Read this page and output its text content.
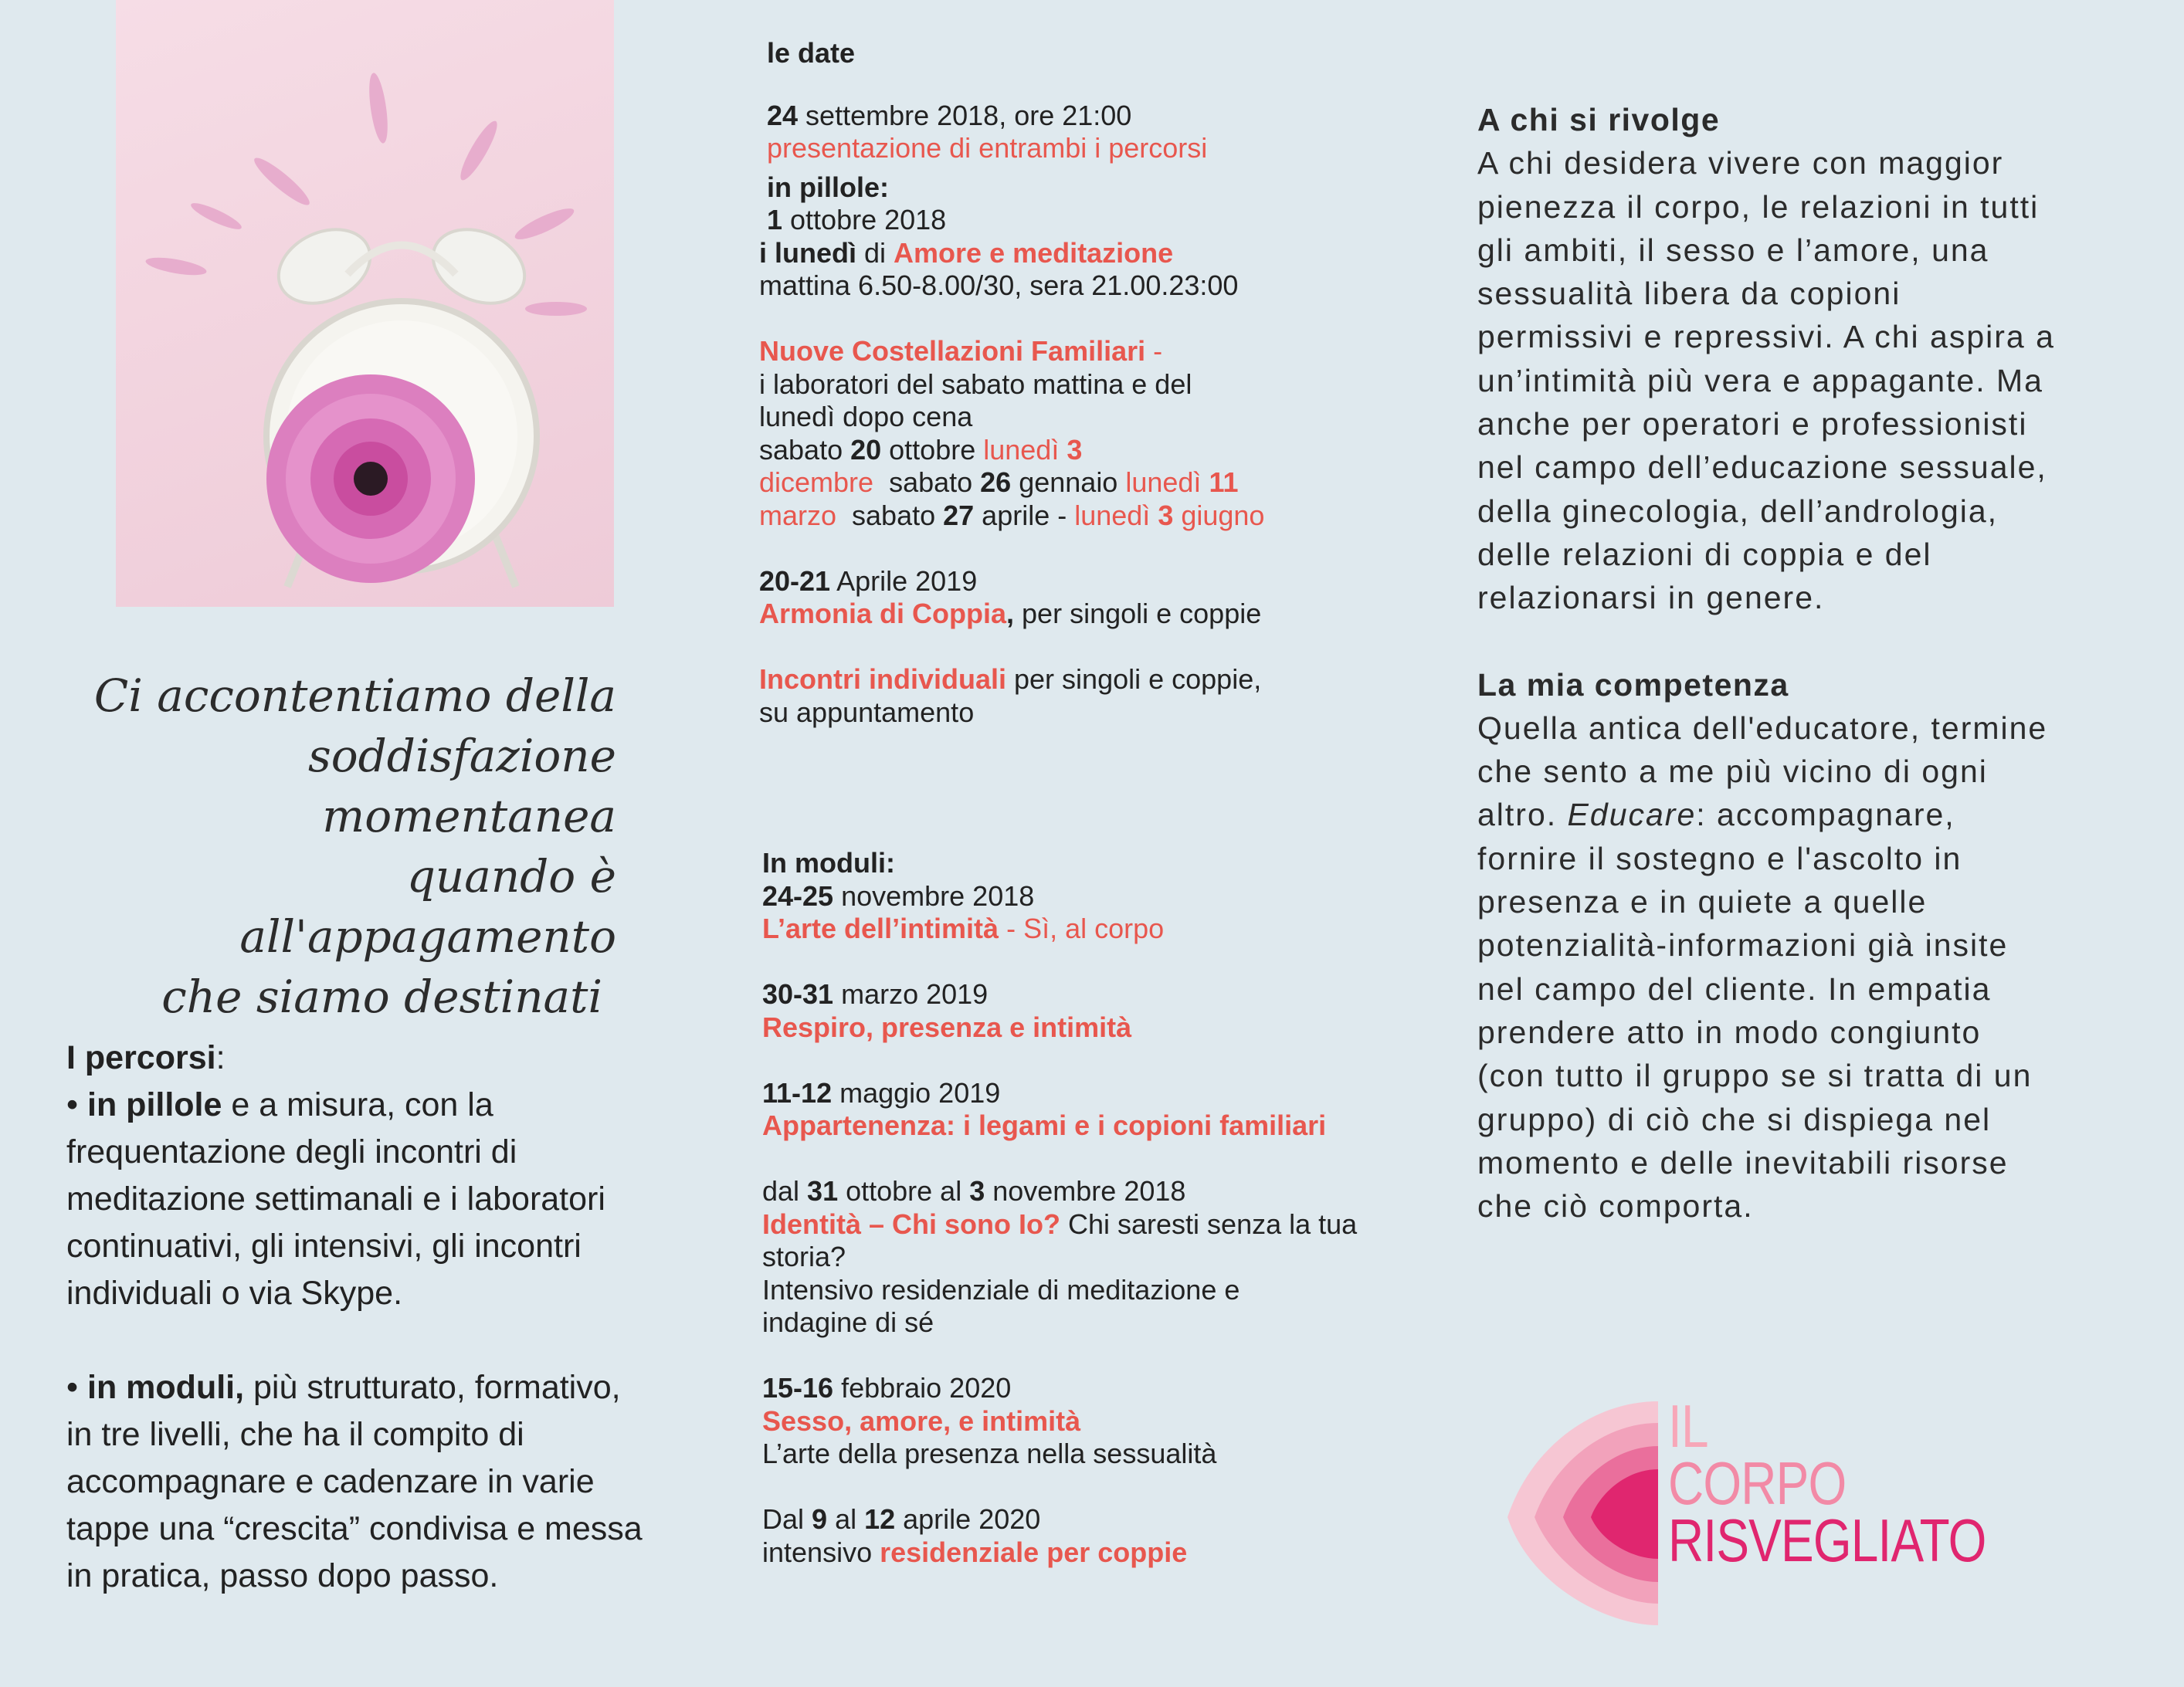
Ci accontentiamo della
soddisfazione momentanea
quando è all'appagamento
che siamo destinati

I percorsi:

• in pillole e a misura, con la

frequentazione degli incontri di

meditazione settimanali e i laboratori

continuativi, gli intensivi, gli incontri

individuali o via Skype.

• in moduli, più strutturato, formativo,

in tre livelli, che ha il compito di

accompagnare e cadenzare in varie

tappe una “crescita” condivisa e messa

in pratica, passo dopo passo.

le date
24 settembre 2018, ore 21:00
presentazione di entrambi i percorsi
in pillole:
1 ottobre 2018
i lunedì di Amore e meditazione
mattina 6.50-8.00/30, sera 21.00.23:00
Nuove Costellazioni Familiari -
i laboratori del sabato mattina e del
lunedì dopo cena
sabato 20 ottobre lunedì 3
dicembre  sabato 26 gennaio lunedì 11
marzo  sabato 27 aprile - lunedì 3 giugno
20-21 Aprile 2019
Armonia di Coppia, per singoli e coppie
Incontri individuali per singoli e coppie,
su appuntamento
In moduli:
24-25 novembre 2018
L’arte dell’intimità - Sì, al corpo
30-31 marzo 2019
Respiro, presenza e intimità
11-12 maggio 2019
Appartenenza: i legami e i copioni familiari
dal 31 ottobre al 3 novembre 2018
Identità – Chi sono Io? Chi saresti senza la tua
storia?
Intensivo residenziale di meditazione e
indagine di sé
15-16 febbraio 2020
Sesso, amore, e intimità
L’arte della presenza nella sessualità
Dal 9 al 12 aprile 2020
intensivo residenziale per coppie
A chi si rivolge
A chi desidera vivere con maggior
pienezza il corpo, le relazioni in tutti
gli ambiti, il sesso e l’amore, una
sessualità libera da copioni
permissivi e repressivi. A chi aspira a
un’intimità più vera e appagante. Ma
anche per operatori e professionisti
nel campo dell’educazione sessuale,
della ginecologia, dell’andrologia,
delle relazioni di coppia e del
relazionarsi in genere.
La mia competenza
Quella antica dell'educatore, termine
che sento a me più vicino di ogni
altro. Educare: accompagnare,
fornire il sostegno e l'ascolto in
presenza e in quiete a quelle
potenzialità-informazioni già insite
nel campo del cliente. In empatia
prendere atto in modo congiunto
(con tutto il gruppo se si tratta di un
gruppo) di ciò che si dispiega nel
momento e delle inevitabili risorse
che ciò comporta.
IL
CORPO
RISVEGLIATO
